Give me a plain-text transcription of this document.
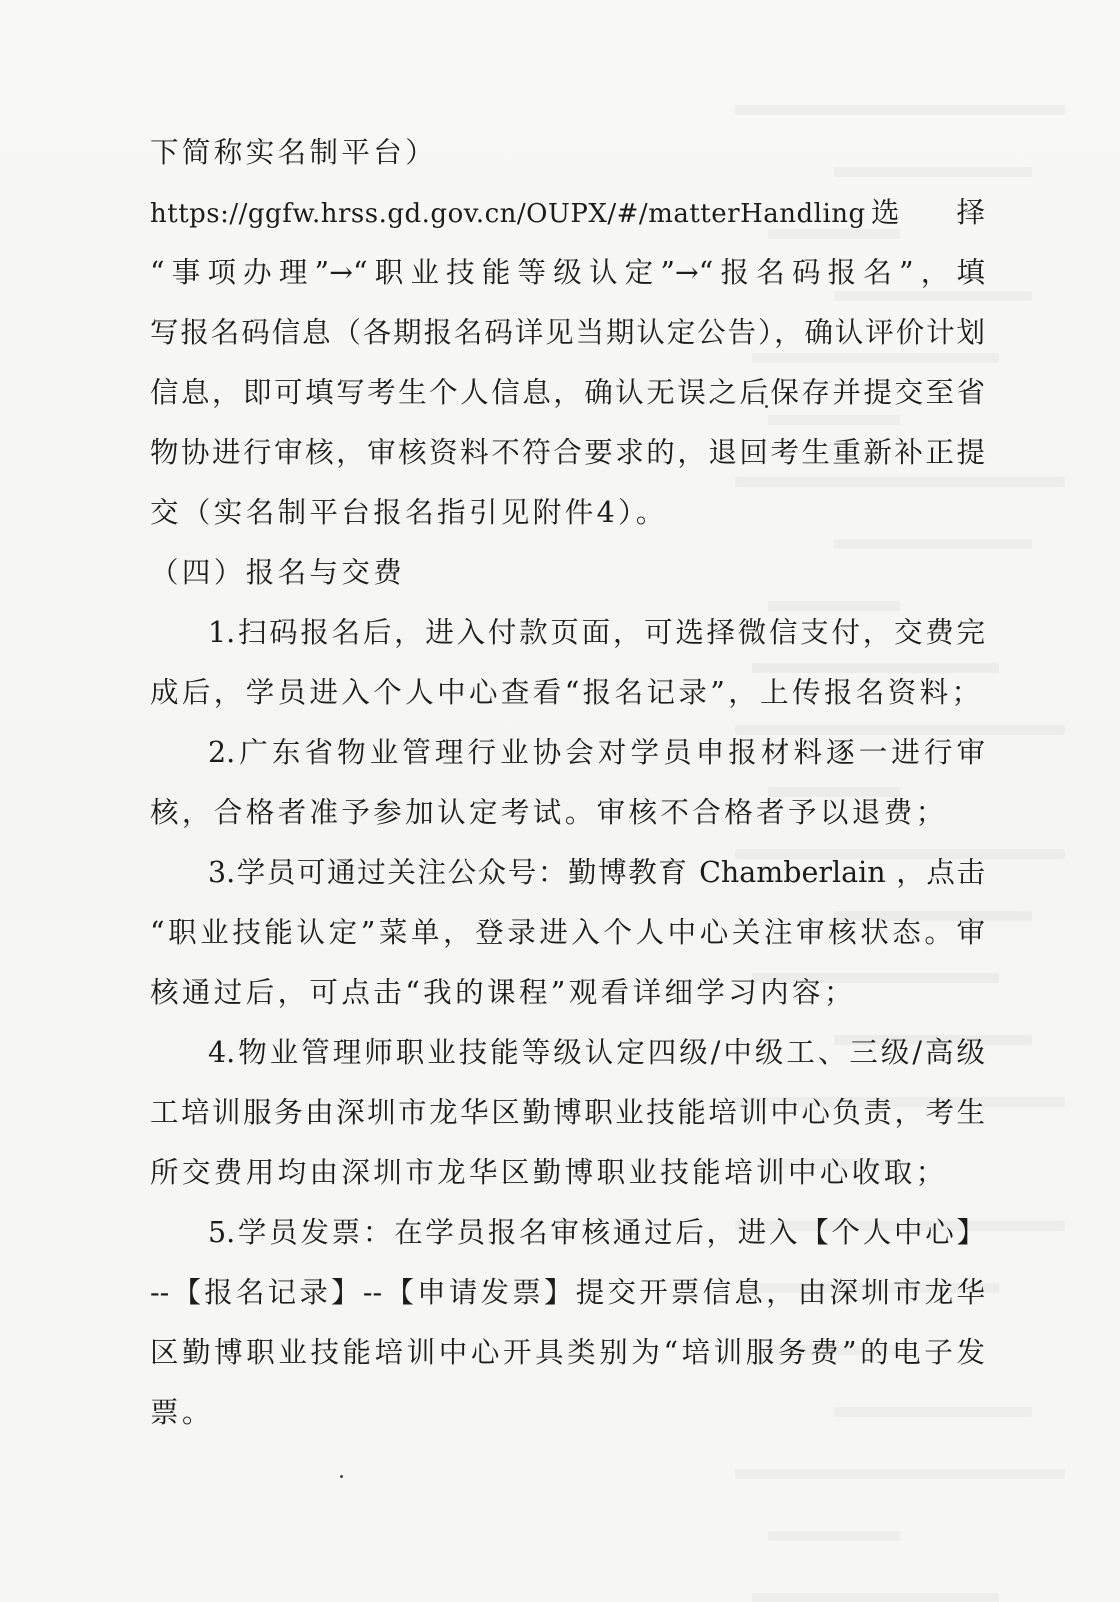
下简称实名制平台）
https://ggfw.hrss.gd.gov.cn/OUPX/#/matterHandling 选 择
“事项办理”→“职业技能等级认定”→“报名码报名”，填
写报名码信息（各期报名码详见当期认定公告），确认评价计划
信息，即可填写考生个人信息，确认无误之后保存并提交至省
物协进行审核，审核资料不符合要求的，退回考生重新补正提
交（实名制平台报名指引见附件4）。
（四）报名与交费
1.扫码报名后，进入付款页面，可选择微信支付，交费完
成后，学员进入个人中心查看“报名记录”，上传报名资料；
2.广东省物业管理行业协会对学员申报材料逐一进行审
核，合格者准予参加认定考试。审核不合格者予以退费；
3.学员可通过关注公众号：勤博教育 Chamberlain ，点击
“职业技能认定”菜单，登录进入个人中心关注审核状态。审
核通过后，可点击“我的课程”观看详细学习内容；
4.物业管理师职业技能等级认定四级/中级工、三级/高级
工培训服务由深圳市龙华区勤博职业技能培训中心负责，考生
所交费用均由深圳市龙华区勤博职业技能培训中心收取；
5.学员发票：在学员报名审核通过后，进入【个人中心】
--【报名记录】--【申请发票】提交开票信息，由深圳市龙华
区勤博职业技能培训中心开具类别为“培训服务费”的电子发
票。
